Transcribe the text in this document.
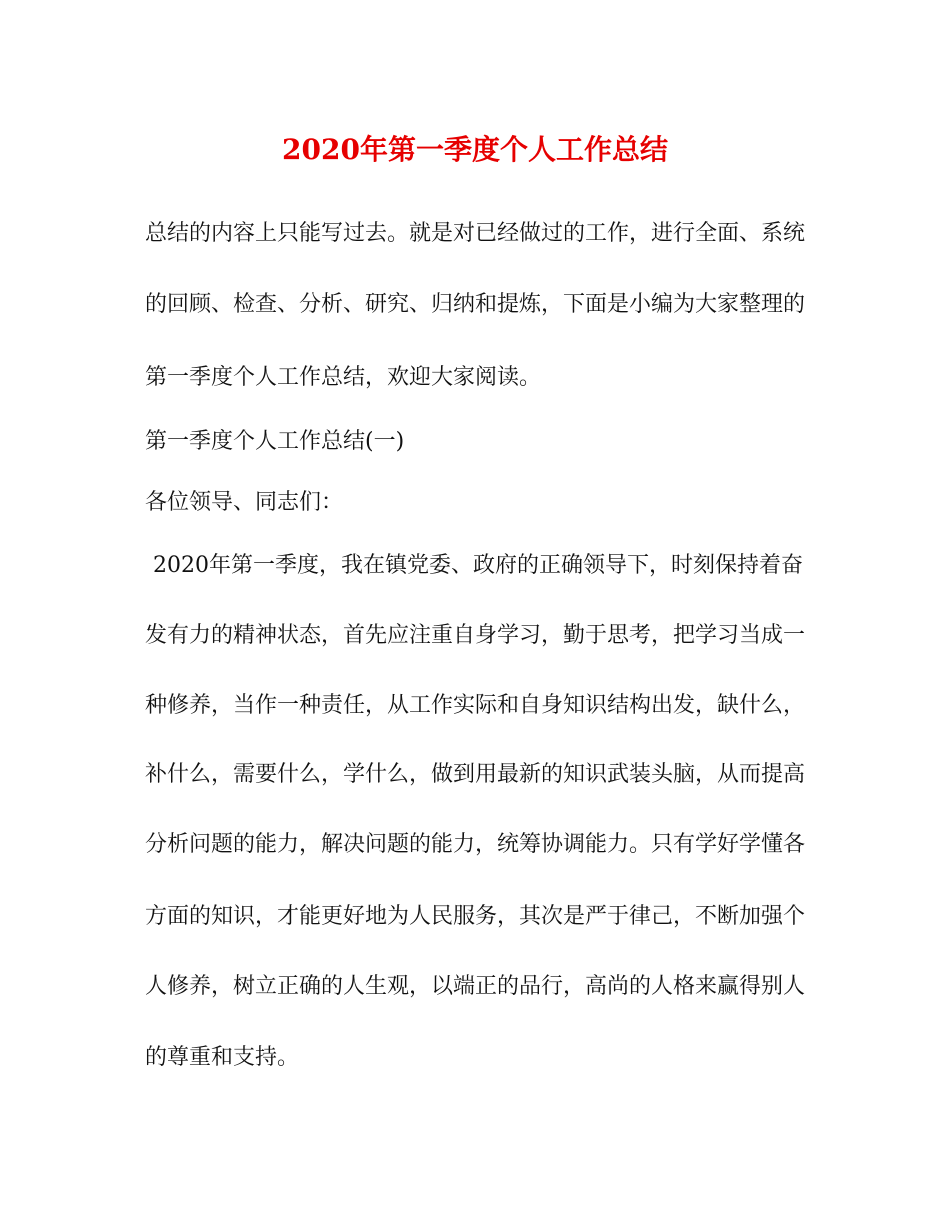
2020年第一季度个人工作总结
总结的内容上只能写过去。就是对已经做过的工作，进行全面、系统
的回顾、检查、分析、研究、归纳和提炼，下面是小编为大家整理的
第一季度个人工作总结，欢迎大家阅读。
第一季度个人工作总结(一)
各位领导、同志们：
2020年第一季度，我在镇党委、政府的正确领导下，时刻保持着奋
发有力的精神状态，首先应注重自身学习，勤于思考，把学习当成一
种修养，当作一种责任，从工作实际和自身知识结构出发，缺什么，
补什么，需要什么，学什么，做到用最新的知识武装头脑，从而提高
分析问题的能力，解决问题的能力，统筹协调能力。只有学好学懂各
方面的知识，才能更好地为人民服务，其次是严于律己，不断加强个
人修养，树立正确的人生观，以端正的品行，高尚的人格来赢得别人
的尊重和支持。
